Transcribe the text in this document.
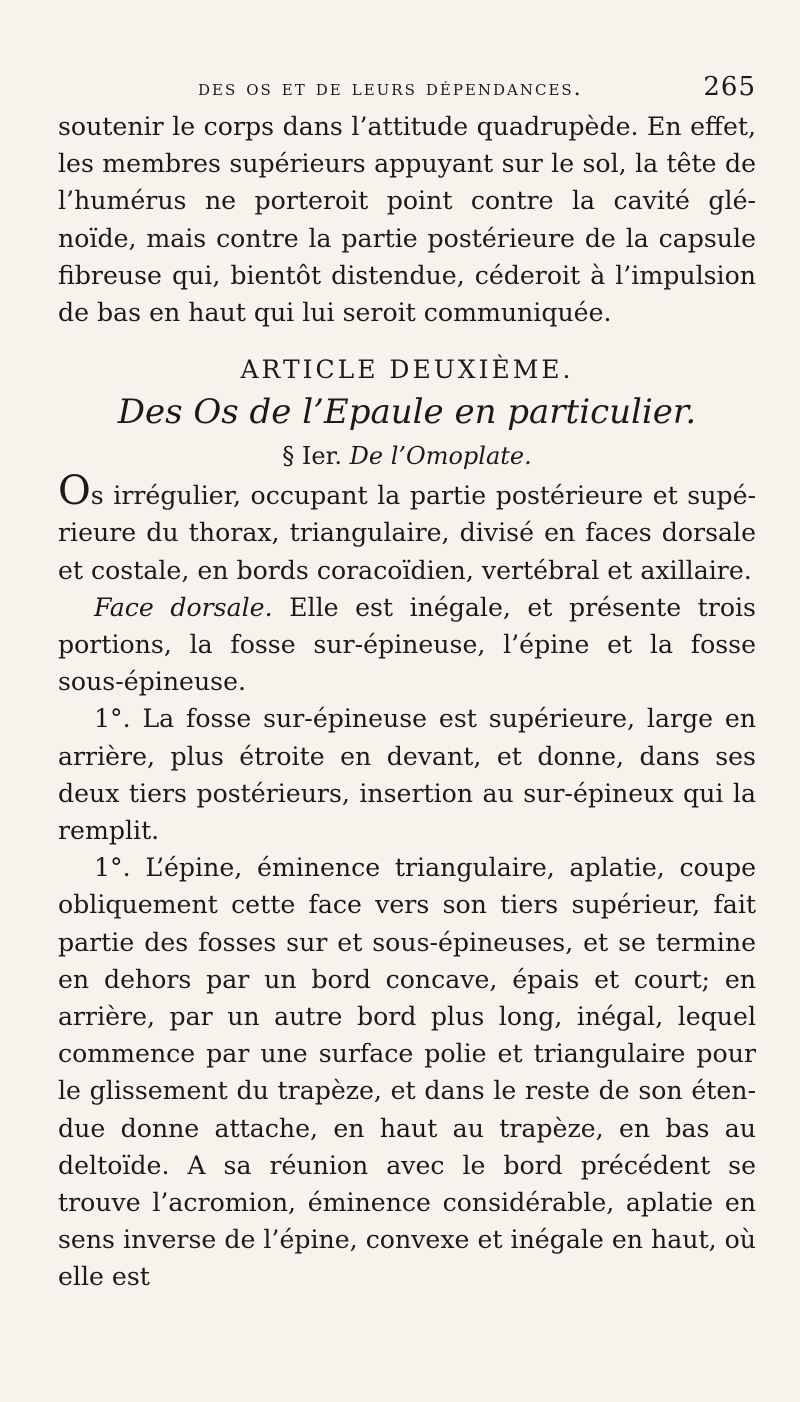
des os et de leurs dépendances.	265

soutenir le corps dans l’attitude quadrupède. En effet, les membres supérieurs appuyant sur le sol, la tête de l’humérus ne porteroit point contre la cavité glé-noïde, mais contre la partie postérieure de la capsule fibreuse qui, bientôt distendue, céderoit à l’impulsion de bas en haut qui lui seroit communiquée.

ARTICLE DEUXIÈME.
Des Os de l’Epaule en particulier.
§ Ier. De l’Omoplate.

Os irrégulier, occupant la partie postérieure et supé-rieure du thorax, triangulaire, divisé en faces dorsale et costale, en bords coracoïdien, vertébral et axillaire.

Face dorsale. Elle est inégale, et présente trois portions, la fosse sur-épineuse, l’épine et la fosse sous-épineuse.

1°. La fosse sur-épineuse est supérieure, large en arrière, plus étroite en devant, et donne, dans ses deux tiers postérieurs, insertion au sur-épineux qui la remplit.

1°. L’épine, éminence triangulaire, aplatie, coupe obliquement cette face vers son tiers supérieur, fait partie des fosses sur et sous-épineuses, et se termine en dehors par un bord concave, épais et court; en arrière, par un autre bord plus long, inégal, lequel commence par une surface polie et triangulaire pour le glissement du trapèze, et dans le reste de son éten-due donne attache, en haut au trapèze, en bas au deltoïde. A sa réunion avec le bord précédent se trouve l’acromion, éminence considérable, aplatie en sens inverse de l’épine, convexe et inégale en haut, où elle est
